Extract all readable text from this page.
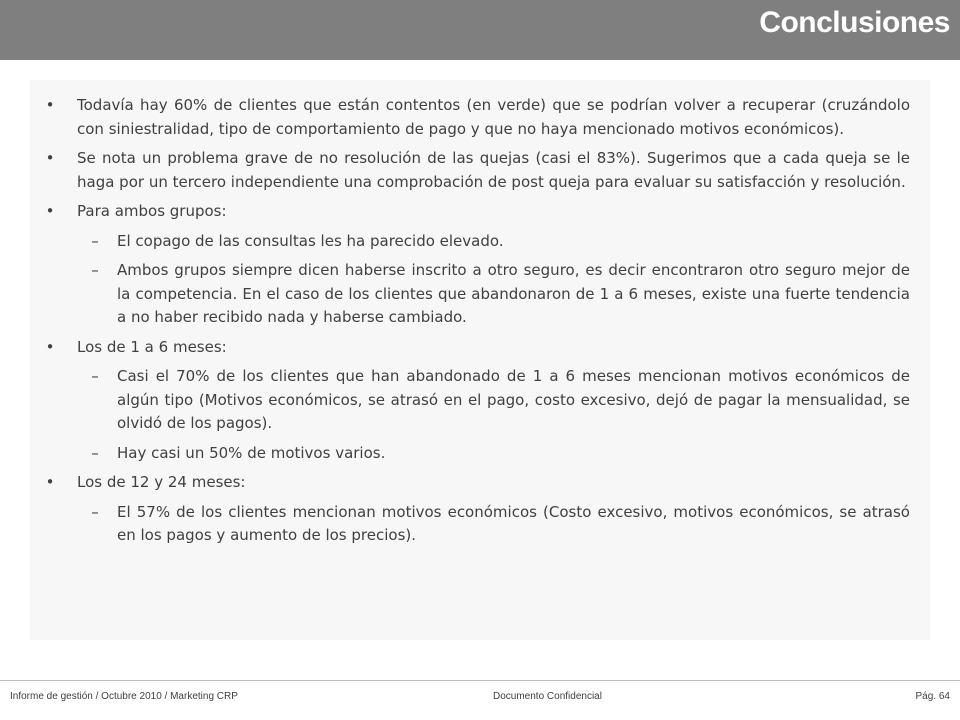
Conclusiones
• Todavía hay 60% de clientes que están contentos (en verde) que se podrían volver a recuperar (cruzándolo con siniestralidad, tipo de comportamiento de pago y que no haya mencionado motivos económicos).
• Se nota un problema grave de no resolución de las quejas (casi el 83%). Sugerimos que a cada queja se le haga por un tercero independiente una comprobación de post queja para evaluar su satisfacción y resolución.
• Para ambos grupos:
– El copago de las consultas les ha parecido elevado.
– Ambos grupos siempre dicen haberse inscrito a otro seguro, es decir encontraron otro seguro mejor de la competencia. En el caso de los clientes que abandonaron de 1 a 6 meses, existe una fuerte tendencia a no haber recibido nada y haberse cambiado.
• Los de 1 a 6 meses:
– Casi el 70% de los clientes que han abandonado de 1 a 6 meses mencionan motivos económicos de algún tipo (Motivos económicos, se atrasó en el pago, costo excesivo, dejó de pagar la mensualidad, se olvidó de los pagos).
– Hay casi un 50% de motivos varios.
• Los de 12 y 24 meses:
– El 57% de los clientes mencionan motivos económicos (Costo excesivo, motivos económicos, se atrasó en los pagos y aumento de los precios).
Informe de gestión / Octubre 2010 / Marketing CRP	Documento Confidencial	Pág. 64
